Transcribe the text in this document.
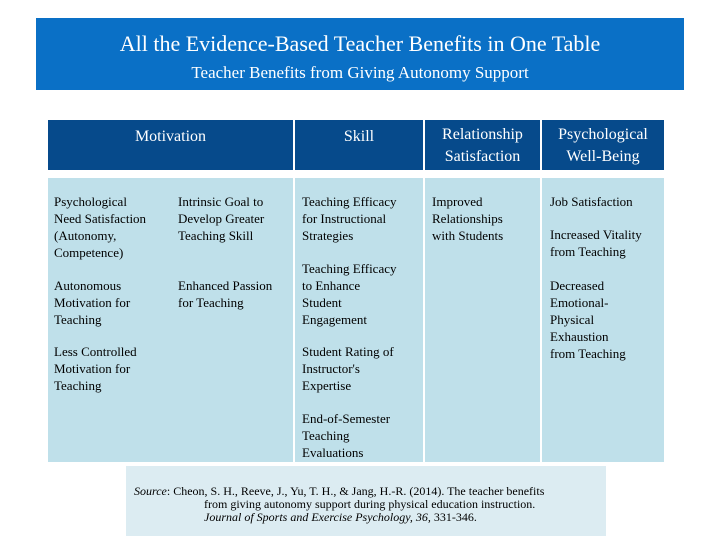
All the Evidence-Based Teacher Benefits in One Table
Teacher Benefits from Giving Autonomy Support
Motivation	Skill	Relationship
Satisfaction
Psychological
Well-Being
Psychological
Need Satisfaction
(Autonomy,
Competence)
Autonomous
Motivation for
Teaching
Less Controlled
Motivation for
Teaching
Intrinsic Goal to
Develop Greater
Teaching Skill
Enhanced Passion
for Teaching
Teaching Efficacy
for Instructional
Strategies
Teaching Efficacy
to Enhance
Student
Engagement
Student Rating of
Instructor's
Expertise
End-of-Semester
Teaching
Evaluations
Improved
Relationships
with Students
Job Satisfaction
Increased Vitality
from Teaching
Decreased
Emotional-
Physical
Exhaustion
from Teaching
Source: Cheon, S. H., Reeve, J., Yu, T. H., & Jang, H.-R. (2014). The teacher benefits
from giving autonomy support during physical education instruction.
Journal of Sports and Exercise Psychology, 36, 331-346.
